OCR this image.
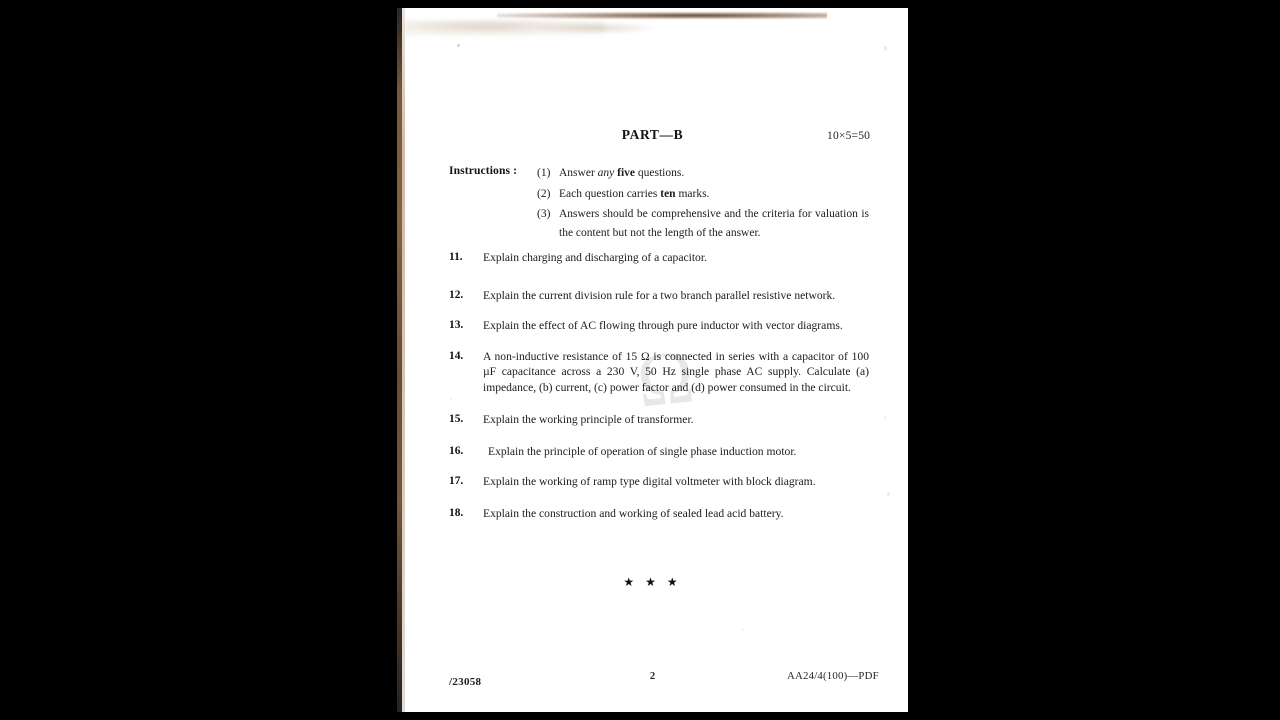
Ω
PART—B	10×5=50
Instructions : (1) Answer any five questions.
(2) Each question carries ten marks.
(3) Answers should be comprehensive and the criteria for valuation is the content but not the length of the answer.
11.	Explain charging and discharging of a capacitor.
12.	Explain the current division rule for a two branch parallel resistive network.
13.	Explain the effect of AC flowing through pure inductor with vector diagrams.
14.	A non-inductive resistance of 15 Ω is connected in series with a capacitor of 100 µF capacitance across a 230 V, 50 Hz single phase AC supply. Calculate (a) impedance, (b) current, (c) power factor and (d) power consumed in the circuit.
15.	Explain the working principle of transformer.
16.	Explain the principle of operation of single phase induction motor.
17.	Explain the working of ramp type digital voltmeter with block diagram.
18.	Explain the construction and working of sealed lead acid battery.
★ ★ ★
/23058	2	AA24/4(100)—PDF
